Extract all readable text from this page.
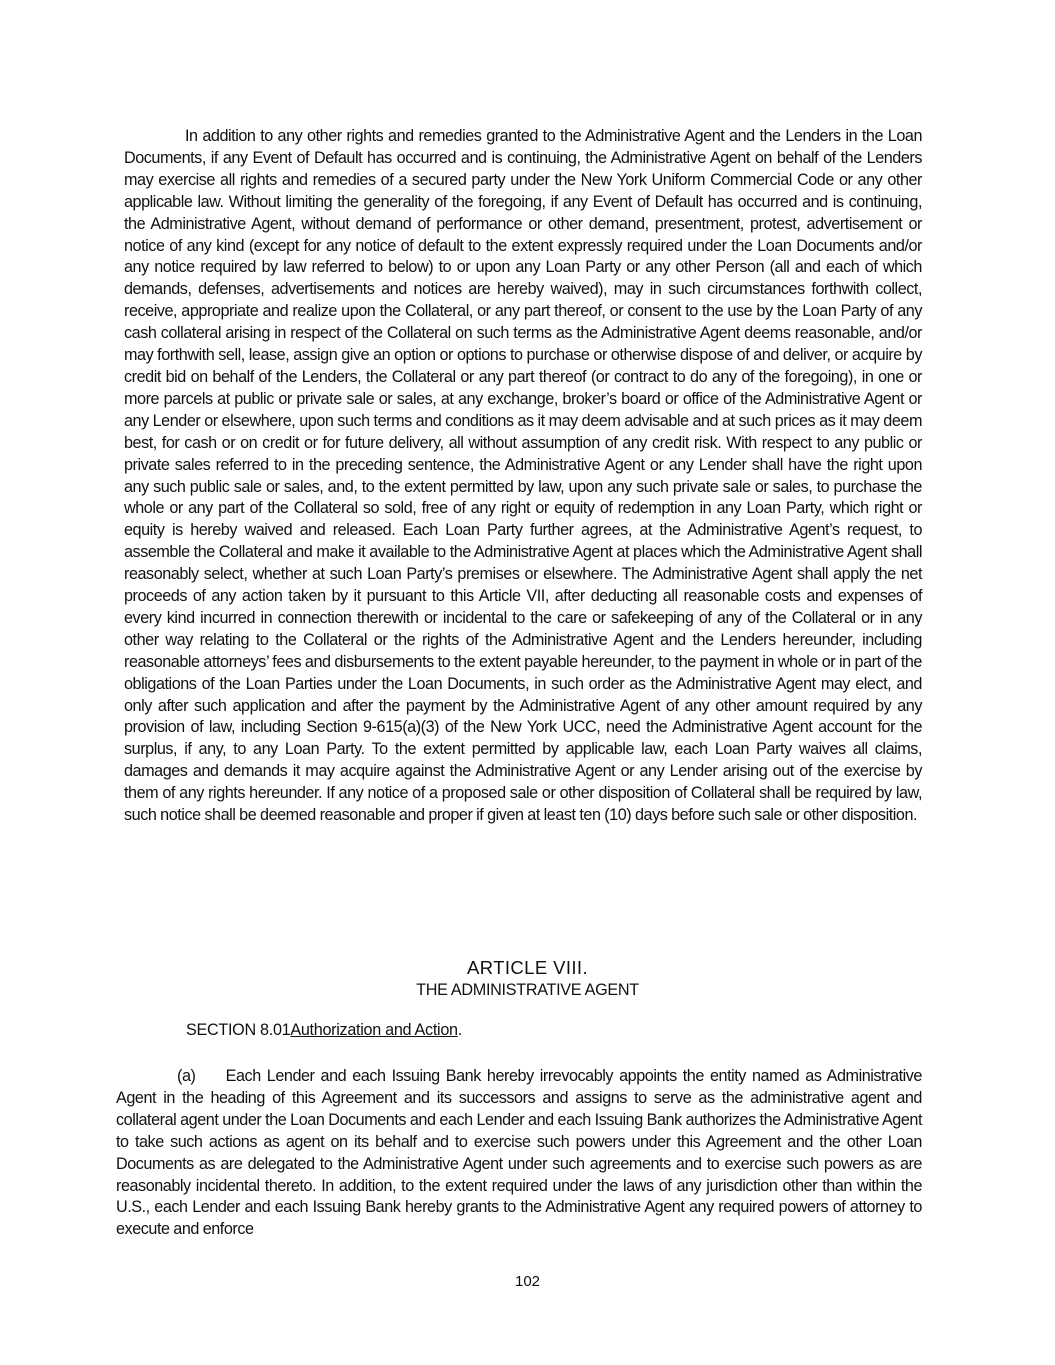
In addition to any other rights and remedies granted to the Administrative Agent and the Lenders in the Loan Documents, if any Event of Default has occurred and is continuing, the Administrative Agent on behalf of the Lenders may exercise all rights and remedies of a secured party under the New York Uniform Commercial Code or any other applicable law. Without limiting the generality of the foregoing, if any Event of Default has occurred and is continuing, the Administrative Agent, without demand of performance or other demand, presentment, protest, advertisement or notice of any kind (except for any notice of default to the extent expressly required under the Loan Documents and/or any notice required by law referred to below) to or upon any Loan Party or any other Person (all and each of which demands, defenses, advertisements and notices are hereby waived), may in such circumstances forthwith collect, receive, appropriate and realize upon the Collateral, or any part thereof, or consent to the use by the Loan Party of any cash collateral arising in respect of the Collateral on such terms as the Administrative Agent deems reasonable, and/or may forthwith sell, lease, assign give an option or options to purchase or otherwise dispose of and deliver, or acquire by credit bid on behalf of the Lenders, the Collateral or any part thereof (or contract to do any of the foregoing), in one or more parcels at public or private sale or sales, at any exchange, broker’s board or office of the Administrative Agent or any Lender or elsewhere, upon such terms and conditions as it may deem advisable and at such prices as it may deem best, for cash or on credit or for future delivery, all without assumption of any credit risk. With respect to any public or private sales referred to in the preceding sentence, the Administrative Agent or any Lender shall have the right upon any such public sale or sales, and, to the extent permitted by law, upon any such private sale or sales, to purchase the whole or any part of the Collateral so sold, free of any right or equity of redemption in any Loan Party, which right or equity is hereby waived and released. Each Loan Party further agrees, at the Administrative Agent’s request, to assemble the Collateral and make it available to the Administrative Agent at places which the Administrative Agent shall reasonably select, whether at such Loan Party’s premises or elsewhere. The Administrative Agent shall apply the net proceeds of any action taken by it pursuant to this Article VII, after deducting all reasonable costs and expenses of every kind incurred in connection therewith or incidental to the care or safekeeping of any of the Collateral or in any other way relating to the Collateral or the rights of the Administrative Agent and the Lenders hereunder, including reasonable attorneys’ fees and disbursements to the extent payable hereunder, to the payment in whole or in part of the obligations of the Loan Parties under the Loan Documents, in such order as the Administrative Agent may elect, and only after such application and after the payment by the Administrative Agent of any other amount required by any provision of law, including Section 9-615(a)(3) of the New York UCC, need the Administrative Agent account for the surplus, if any, to any Loan Party. To the extent permitted by applicable law, each Loan Party waives all claims, damages and demands it may acquire against the Administrative Agent or any Lender arising out of the exercise by them of any rights hereunder. If any notice of a proposed sale or other disposition of Collateral shall be required by law, such notice shall be deemed reasonable and proper if given at least ten (10) days before such sale or other disposition.

ARTICLE VIII.
THE ADMINISTRATIVE AGENT

SECTION 8.01Authorization and Action.

(a)     Each Lender and each Issuing Bank hereby irrevocably appoints the entity named as Administrative Agent in the heading of this Agreement and its successors and assigns to serve as the administrative agent and collateral agent under the Loan Documents and each Lender and each Issuing Bank authorizes the Administrative Agent to take such actions as agent on its behalf and to exercise such powers under this Agreement and the other Loan Documents as are delegated to the Administrative Agent under such agreements and to exercise such powers as are reasonably incidental thereto. In addition, to the extent required under the laws of any jurisdiction other than within the U.S., each Lender and each Issuing Bank hereby grants to the Administrative Agent any required powers of attorney to execute and enforce

102
